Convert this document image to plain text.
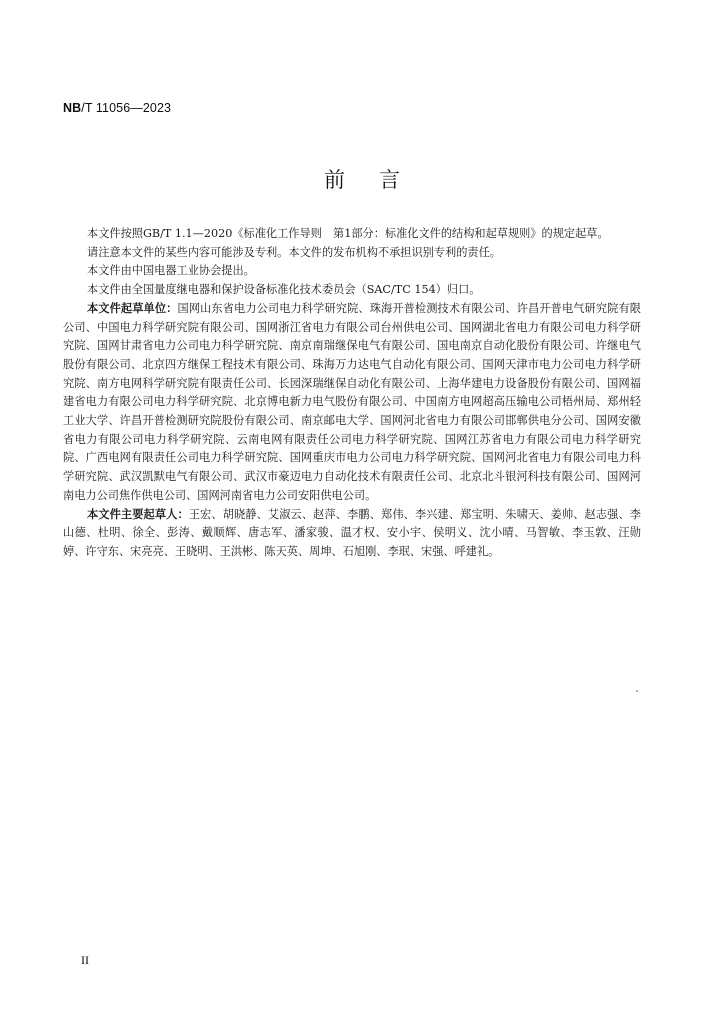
NB/T 11056—2023
前言

本文件按照GB/T 1.1—2020《标准化工作导则　第1部分：标准化文件的结构和起草规则》的规定起草。

请注意本文件的某些内容可能涉及专利。本文件的发布机构不承担识别专利的责任。

本文件由中国电器工业协会提出。

本文件由全国量度继电器和保护设备标准化技术委员会（SAC/TC 154）归口。

本文件起草单位：国网山东省电力公司电力科学研究院、珠海开普检测技术有限公司、许昌开普电气研究院有限公司、中国电力科学研究院有限公司、国网浙江省电力有限公司台州供电公司、国网湖北省电力有限公司电力科学研究院、国网甘肃省电力公司电力科学研究院、南京南瑞继保电气有限公司、国电南京自动化股份有限公司、许继电气股份有限公司、北京四方继保工程技术有限公司、珠海万力达电气自动化有限公司、国网天津市电力公司电力科学研究院、南方电网科学研究院有限责任公司、长园深瑞继保自动化有限公司、上海华建电力设备股份有限公司、国网福建省电力有限公司电力科学研究院、北京博电新力电气股份有限公司、中国南方电网超高压输电公司梧州局、郑州轻工业大学、许昌开普检测研究院股份有限公司、南京邮电大学、国网河北省电力有限公司邯郸供电分公司、国网安徽省电力有限公司电力科学研究院、云南电网有限责任公司电力科学研究院、国网江苏省电力有限公司电力科学研究院、广西电网有限责任公司电力科学研究院、国网重庆市电力公司电力科学研究院、国网河北省电力有限公司电力科学研究院、武汉凯默电气有限公司、武汉市豪迈电力自动化技术有限责任公司、北京北斗银河科技有限公司、国网河南电力公司焦作供电公司、国网河南省电力公司安阳供电公司。

本文件主要起草人：王宏、胡晓静、艾淑云、赵萍、李鹏、郑伟、李兴建、郑宝明、朱啸天、姜帅、赵志强、李山德、杜明、徐全、彭涛、戴顺辉、唐志军、潘家骏、温才权、安小宇、侯明义、沈小晴、马智敏、李玉敦、汪勋婷、许守东、宋亮亮、王晓明、王洪彬、陈天英、周坤、石旭刚、李珉、宋强、呼建礼。

II
